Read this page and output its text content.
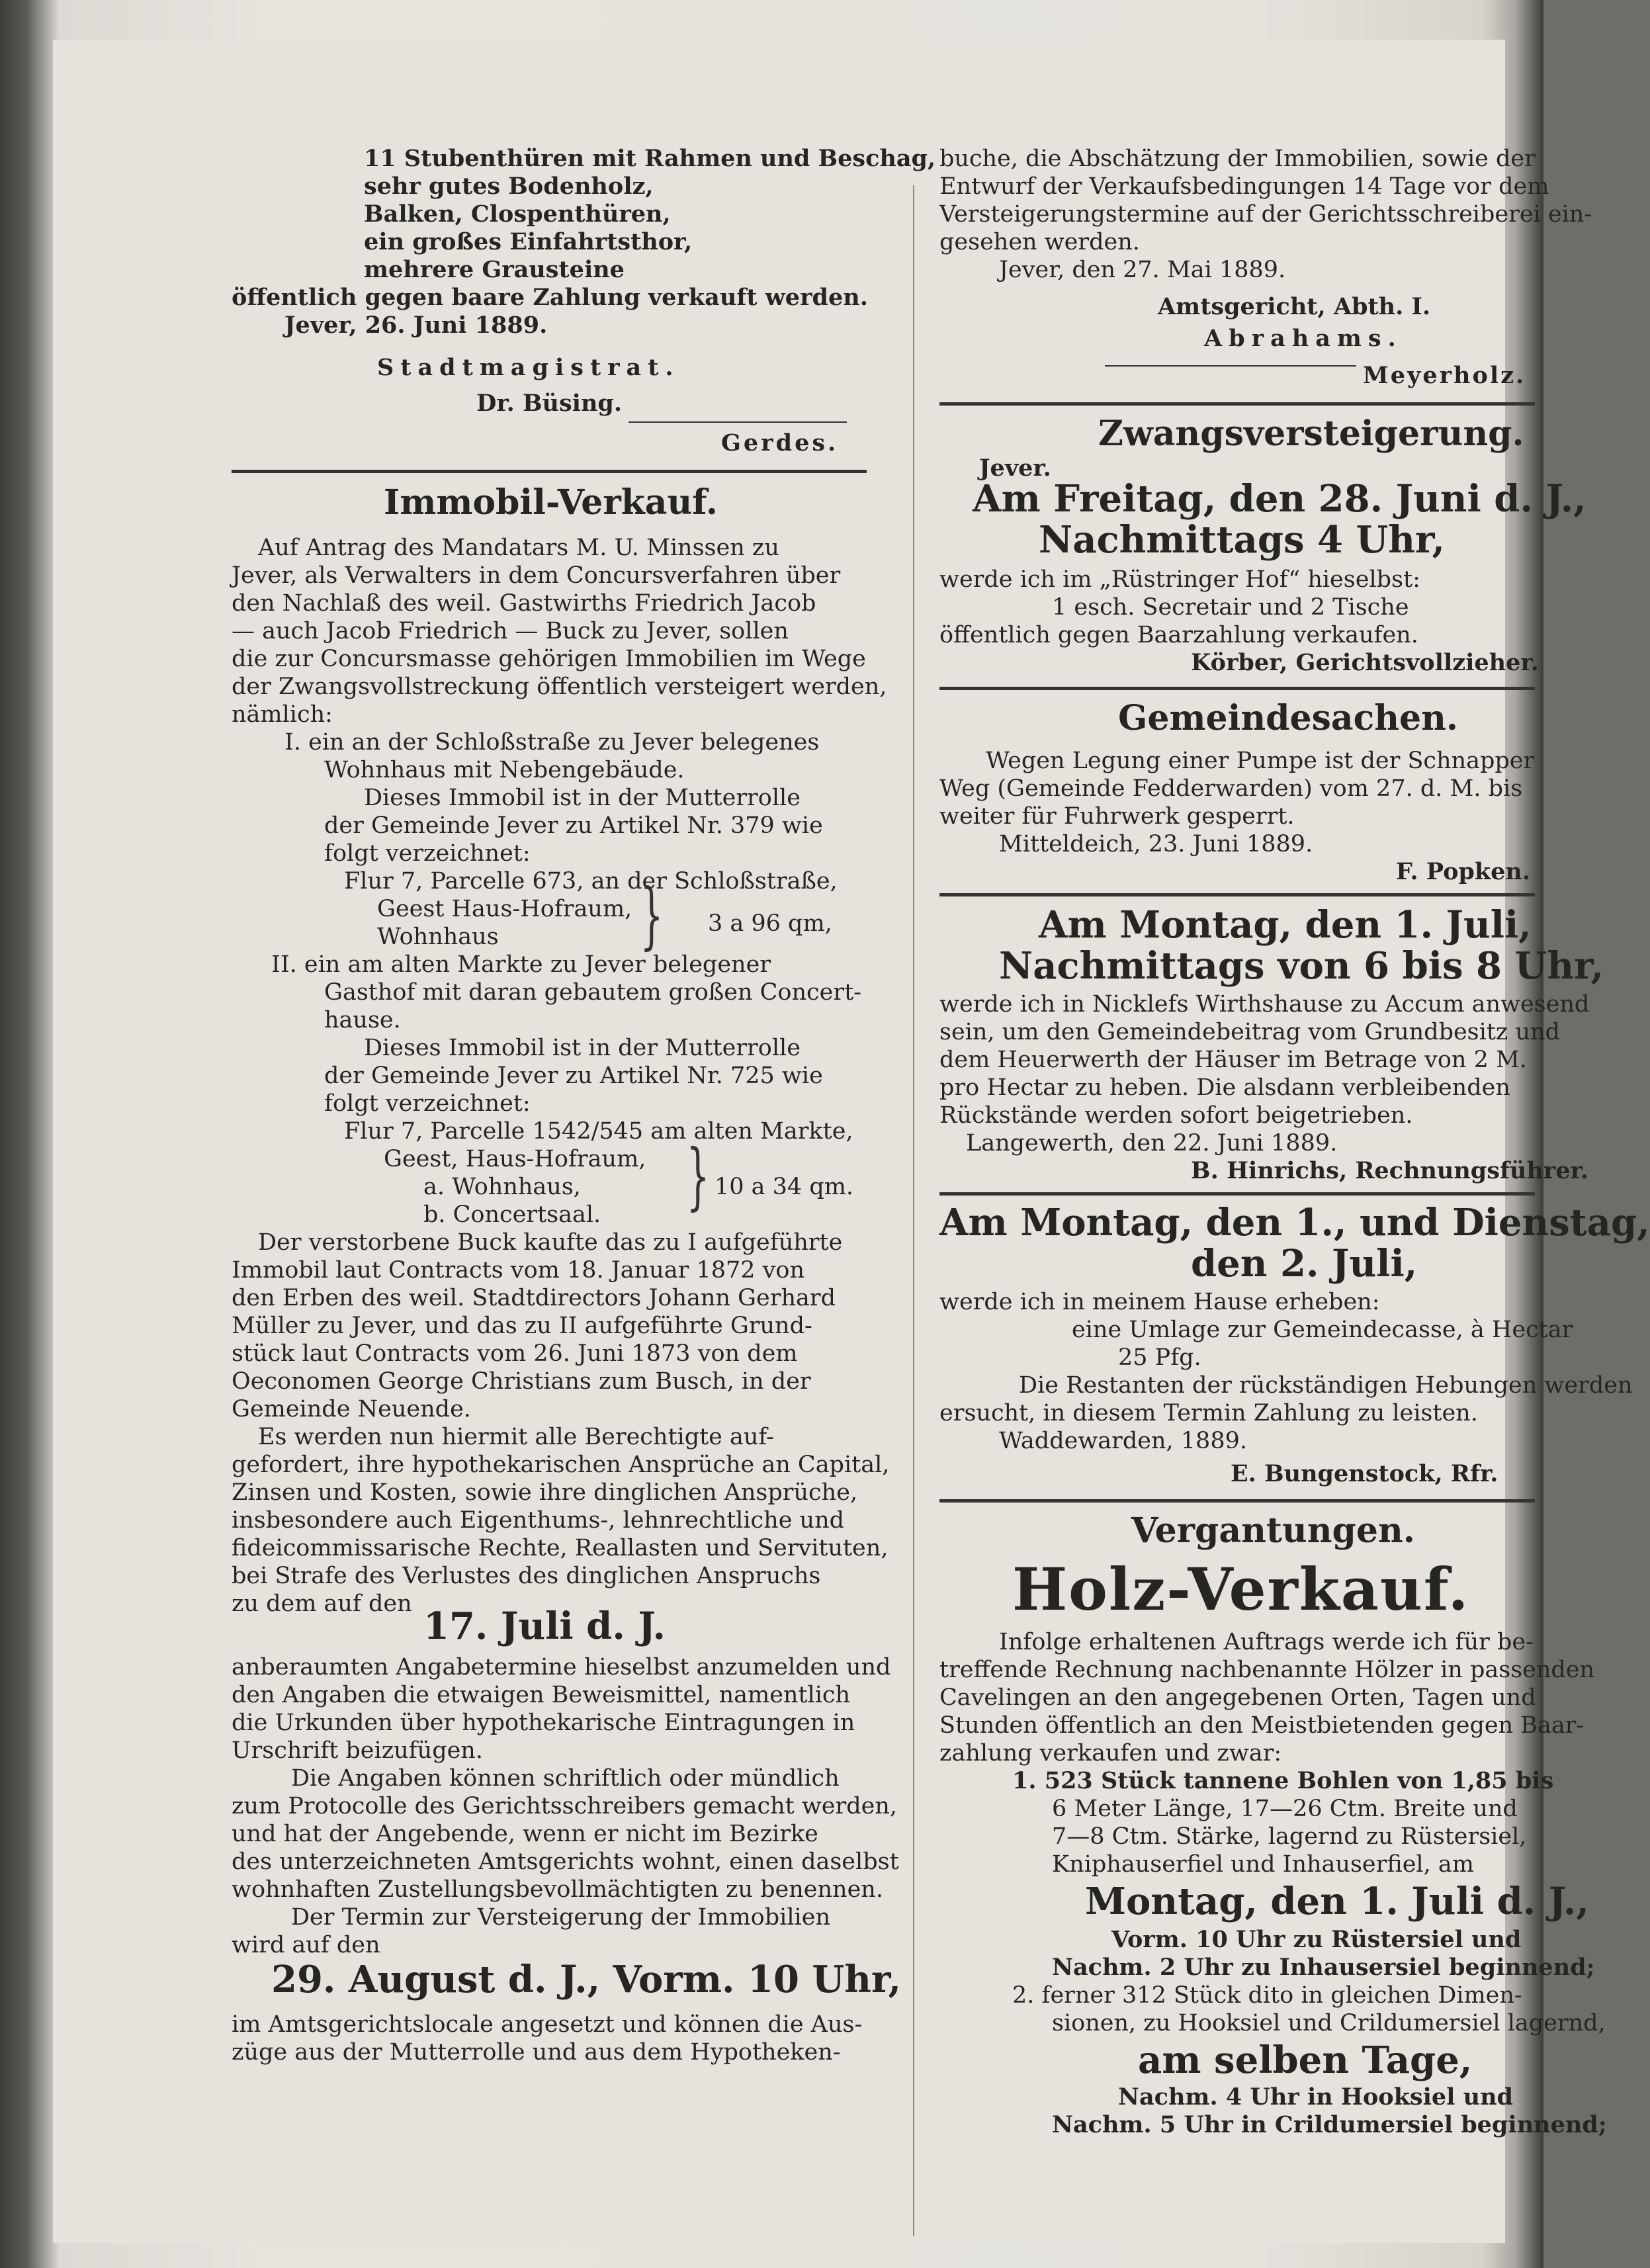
11 Stubenthüren mit Rahmen und Beschag,
sehr gutes Bodenholz,
Balken, Clospenthüren,
ein großes Einfahrtsthor,
mehrere Grausteine
öffentlich gegen baare Zahlung verkauft werden.
Jever, 26. Juni 1889.
Stadtmagistrat.
Dr. Büsing.
Gerdes.
Immobil-Verkauf.
Auf Antrag des Mandatars M. U. Minssen zu
Jever, als Verwalters in dem Concursverfahren über
den Nachlaß des weil. Gastwirths Friedrich Jacob
— auch Jacob Friedrich — Buck zu Jever, sollen
die zur Concursmasse gehörigen Immobilien im Wege
der Zwangsvollstreckung öffentlich versteigert werden,
nämlich:
I. ein an der Schloßstraße zu Jever belegenes
Wohnhaus mit Nebengebäude.
Dieses Immobil ist in der Mutterrolle
der Gemeinde Jever zu Artikel Nr. 379 wie
folgt verzeichnet:
Flur 7, Parcelle 673, an der Schloßstraße,
Geest Haus-Hofraum,
Wohnhaus } 3 a 96 qm,
II. ein am alten Markte zu Jever belegener
Gasthof mit daran gebautem großen Concert-
hause.
Dieses Immobil ist in der Mutterrolle
der Gemeinde Jever zu Artikel Nr. 725 wie
folgt verzeichnet:
Flur 7, Parcelle 1542/545 am alten Markte,
Geest, Haus-Hofraum,
a. Wohnhaus,
b. Concertsaal. } 10 a 34 qm.
Der verstorbene Buck kaufte das zu I aufgeführte
Immobil laut Contracts vom 18. Januar 1872 von
den Erben des weil. Stadtdirectors Johann Gerhard
Müller zu Jever, und das zu II aufgeführte Grund-
stück laut Contracts vom 26. Juni 1873 von dem
Oeconomen George Christians zum Busch, in der
Gemeinde Neuende.
Es werden nun hiermit alle Berechtigte auf-
gefordert, ihre hypothekarischen Ansprüche an Capital,
Zinsen und Kosten, sowie ihre dinglichen Ansprüche,
insbesondere auch Eigenthums-, lehnrechtliche und
fideicommissarische Rechte, Reallasten und Servituten,
bei Strafe des Verlustes des dinglichen Anspruchs
zu dem auf den
17. Juli d. J.
anberaumten Angabetermine hieselbst anzumelden und
den Angaben die etwaigen Beweismittel, namentlich
die Urkunden über hypothekarische Eintragungen in
Urschrift beizufügen.
Die Angaben können schriftlich oder mündlich
zum Protocolle des Gerichtsschreibers gemacht werden,
und hat der Angebende, wenn er nicht im Bezirke
des unterzeichneten Amtsgerichts wohnt, einen daselbst
wohnhaften Zustellungsbevollmächtigten zu benennen.
Der Termin zur Versteigerung der Immobilien
wird auf den
29. August d. J., Vorm. 10 Uhr,
im Amtsgerichtslocale angesetzt und können die Aus-
züge aus der Mutterrolle und aus dem Hypotheken-
buche, die Abschätzung der Immobilien, sowie der
Entwurf der Verkaufsbedingungen 14 Tage vor dem
Versteigerungstermine auf der Gerichtsschreiberei ein-
gesehen werden.
Jever, den 27. Mai 1889.
Amtsgericht, Abth. I.
Abrahams.
Meyerholz.
Zwangsversteigerung.
Jever.
Am Freitag, den 28. Juni d. J.,
Nachmittags 4 Uhr,
werde ich im „Rüstringer Hof“ hieselbst:
1 esch. Secretair und 2 Tische
öffentlich gegen Baarzahlung verkaufen.
Körber, Gerichtsvollzieher.
Gemeindesachen.
Wegen Legung einer Pumpe ist der Schnapper
Weg (Gemeinde Fedderwarden) vom 27. d. M. bis
weiter für Fuhrwerk gesperrt.
Mitteldeich, 23. Juni 1889.
F. Popken.
Am Montag, den 1. Juli,
Nachmittags von 6 bis 8 Uhr,
werde ich in Nicklefs Wirthshause zu Accum anwesend
sein, um den Gemeindebeitrag vom Grundbesitz und
dem Heuerwerth der Häuser im Betrage von 2 M.
pro Hectar zu heben. Die alsdann verbleibenden
Rückstände werden sofort beigetrieben.
Langewerth, den 22. Juni 1889.
B. Hinrichs, Rechnungsführer.
Am Montag, den 1., und Dienstag,
den 2. Juli,
werde ich in meinem Hause erheben:
eine Umlage zur Gemeindecasse, à Hectar
25 Pfg.
Die Restanten der rückständigen Hebungen werden
ersucht, in diesem Termin Zahlung zu leisten.
Waddewarden, 1889.
E. Bungenstock, Rfr.
Vergantungen.
Holz-Verkauf.
Infolge erhaltenen Auftrags werde ich für be-
treffende Rechnung nachbenannte Hölzer in passenden
Cavelingen an den angegebenen Orten, Tagen und
Stunden öffentlich an den Meistbietenden gegen Baar-
zahlung verkaufen und zwar:
1. 523 Stück tannene Bohlen von 1,85 bis
6 Meter Länge, 17—26 Ctm. Breite und
7—8 Ctm. Stärke, lagernd zu Rüstersiel,
Kniphauserfiel und Inhauserfiel, am
Montag, den 1. Juli d. J.,
Vorm. 10 Uhr zu Rüstersiel und
Nachm. 2 Uhr zu Inhausersiel beginnend;
2. ferner 312 Stück dito in gleichen Dimen-
sionen, zu Hooksiel und Crildumersiel lagernd,
am selben Tage,
Nachm. 4 Uhr in Hooksiel und
Nachm. 5 Uhr in Crildumersiel beginnend;
